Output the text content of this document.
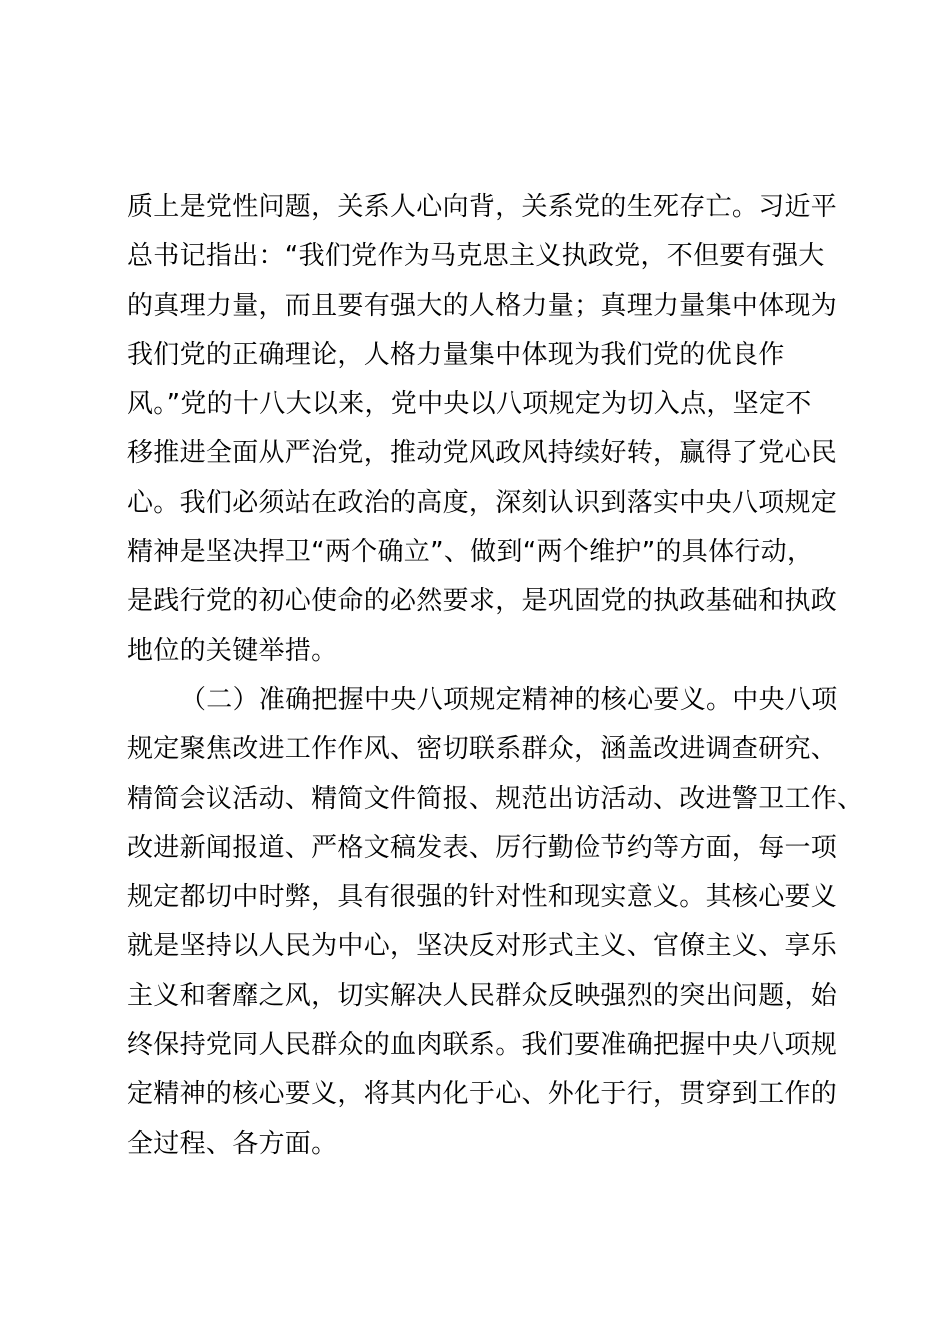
质上是党性问题，关系人心向背，关系党的生死存亡。习近平
总书记指出：“我们党作为马克思主义执政党，不但要有强大
的真理力量，而且要有强大的人格力量；真理力量集中体现为
我们党的正确理论，人格力量集中体现为我们党的优良作
风。”党的十八大以来，党中央以八项规定为切入点，坚定不
移推进全面从严治党，推动党风政风持续好转，赢得了党心民
心。我们必须站在政治的高度，深刻认识到落实中央八项规定
精神是坚决捍卫“两个确立”、做到“两个维护”的具体行动，
是践行党的初心使命的必然要求，是巩固党的执政基础和执政
地位的关键举措。
（二）准确把握中央八项规定精神的核心要义。中央八项
规定聚焦改进工作作风、密切联系群众，涵盖改进调查研究、
精简会议活动、精简文件简报、规范出访活动、改进警卫工作、
改进新闻报道、严格文稿发表、厉行勤俭节约等方面，每一项
规定都切中时弊，具有很强的针对性和现实意义。其核心要义
就是坚持以人民为中心，坚决反对形式主义、官僚主义、享乐
主义和奢靡之风，切实解决人民群众反映强烈的突出问题，始
终保持党同人民群众的血肉联系。我们要准确把握中央八项规
定精神的核心要义，将其内化于心、外化于行，贯穿到工作的
全过程、各方面。
